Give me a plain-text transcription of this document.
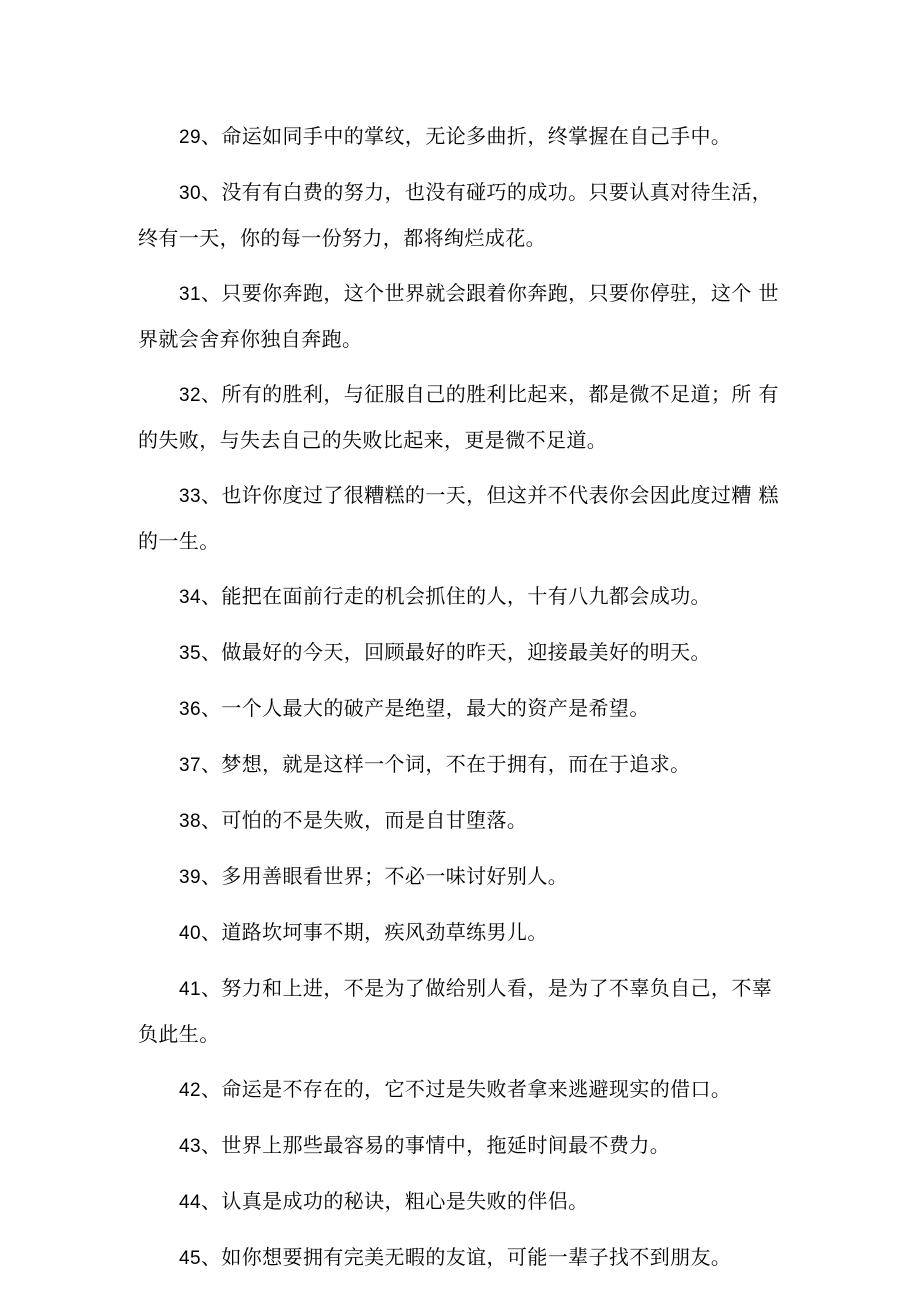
29、命运如同手中的掌纹，无论多曲折，终掌握在自己手中。

30、没有有白费的努力，也没有碰巧的成功。只要认真对待生活， 终有一天，你的每一份努力，都将绚烂成花。

31、只要你奔跑，这个世界就会跟着你奔跑，只要你停驻，这个 世界就会舍弃你独自奔跑。

32、所有的胜利，与征服自己的胜利比起来，都是微不足道；所 有的失败，与失去自己的失败比起来，更是微不足道。

33、也许你度过了很糟糕的一天，但这并不代表你会因此度过糟 糕的一生。

34、能把在面前行走的机会抓住的人，十有八九都会成功。

35、做最好的今天，回顾最好的昨天，迎接最美好的明天。

36、一个人最大的破产是绝望，最大的资产是希望。

37、梦想，就是这样一个词，不在于拥有，而在于追求。

38、可怕的不是失败，而是自甘堕落。

39、多用善眼看世界；不必一味讨好别人。

40、道路坎坷事不期，疾风劲草练男儿。

41、努力和上进，不是为了做给别人看，是为了不辜负自己，不辜负此生。

42、命运是不存在的，它不过是失败者拿来逃避现实的借口。

43、世界上那些最容易的事情中，拖延时间最不费力。

44、认真是成功的秘诀，粗心是失败的伴侣。

45、如你想要拥有完美无暇的友谊，可能一辈子找不到朋友。
